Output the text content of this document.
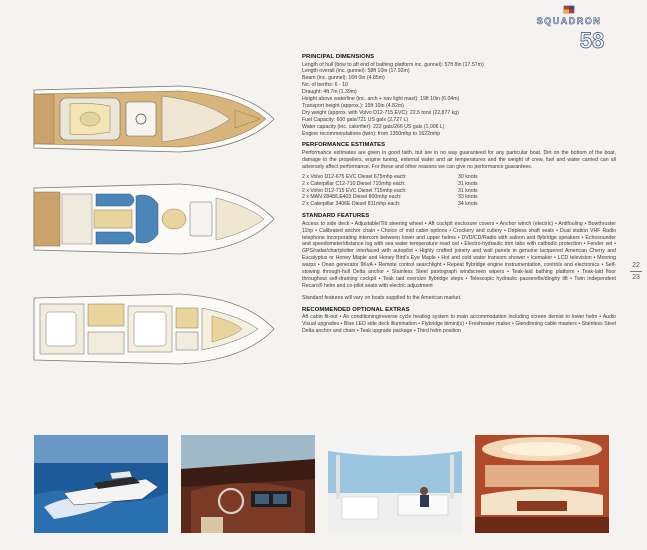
SQUADRON
58

PRINCIPAL DIMENSIONS

Length of hull (bow to aft end of bathing platform inc. gunnel): 57ft 8in (17.57m)
Length overall (inc. gunnel): 58ft 10in (17.92m)
Beam (inc. gunnel): 16ft 0in (4.85m)
No. of berths: 6 - 10
Draught: 4ft 7in (1.39m)
Height above waterline (inc. arch + nav light mast): 19ft 10in (6.04m)
Transport height (approx.): 15ft 10in (4.82m)
Dry weight (approx. with Volvo D12-715 EVC): 22.5 tons (22,877 kg)
Fuel Capacity: 600 gals/721 US gals (2,727 L)
Water capacity (inc. calorifier): 222 gals/266 US gals (1,006 L)
Engine recommendations (twin): from 1350mhp to 1622mhp

PERFORMANCE ESTIMATES

Performance estimates are given in good faith, but are in no way guaranteed for any particular boat. Dirt on the bottom of the boat, damage to the propellers, engine tuning, external water and air temperatures and the weight of crew, fuel and water carried can all adversely affect performance. For these and other reasons we can give no performance guarantees.

2 x Volvo D12-675 EVC Diesel 675mhp each:	30 knots
2 x Caterpillar C12-710 Diesel 710mhp each:	31 knots
2 x Volvo D12-715 EVC Diesel 715mhp each:	31 knots
2 x MAN 2848/LE403 Diesel 800mhp each:	33 knots
2 x Caterpillar 3406E Diesel 811mhp each:	34 knots

STANDARD FEATURES

Access to side deck • Adjustable/Tilt steering wheel • Aft cockpit enclosure covers • Anchor winch (electric) • Antifouling • Bowthruster 11hp • Calibrated anchor chain • Choice of mid cabin options • Crockery and cutlery • Dripless shaft seals • Dual station VHF Radio telephone incorporating intercom between lower and upper helms • DVD/CD/Radio with saloon and flybridge speakers • Echosounder and speedometer/distance log with sea water temperature read out • Electro-hydraulic trim tabs with cathodic protection • Fender set • GPS/radar/chartplotter interfaced with autopilot • Highly crafted joinery and wall panels in genuine lacquered American Cherry and Eucalyptus or Honey Maple and Honey Bird's Eye Maple • Hot and cold water transom shower • Icemaker • LCD television • Mooring warps • Onan generator 9KvA • Remote control searchlight • Repeat flybridge engine instrumentation, controls and electronics • Self-stowing through-hull Delta anchor • Stainless Steel pantograph windscreen wipers • Teak-laid bathing platform • Teak-laid floor throughout self-draining cockpit • Teak laid oversize flybridge steps • Telescopic hydraulic passerelle/dinghy lift • Twin independent Recaro® helm and co-pilot seats with electric adjustment

Standard features will vary on boats supplied to the American market.

RECOMMENDED OPTIONAL EXTRAS

Aft cabin fit-out • Air conditioning/reverse cycle heating system to main accommodation including screen demist to lower helm • Audio Visual upgrades • Blue LED side deck illumination • Flybridge bimini(s) • Freshwater maker • Glendinning cable masters • Stainless Steel Delta anchor and chain • Teak upgrade package • Third helm position

22
23
